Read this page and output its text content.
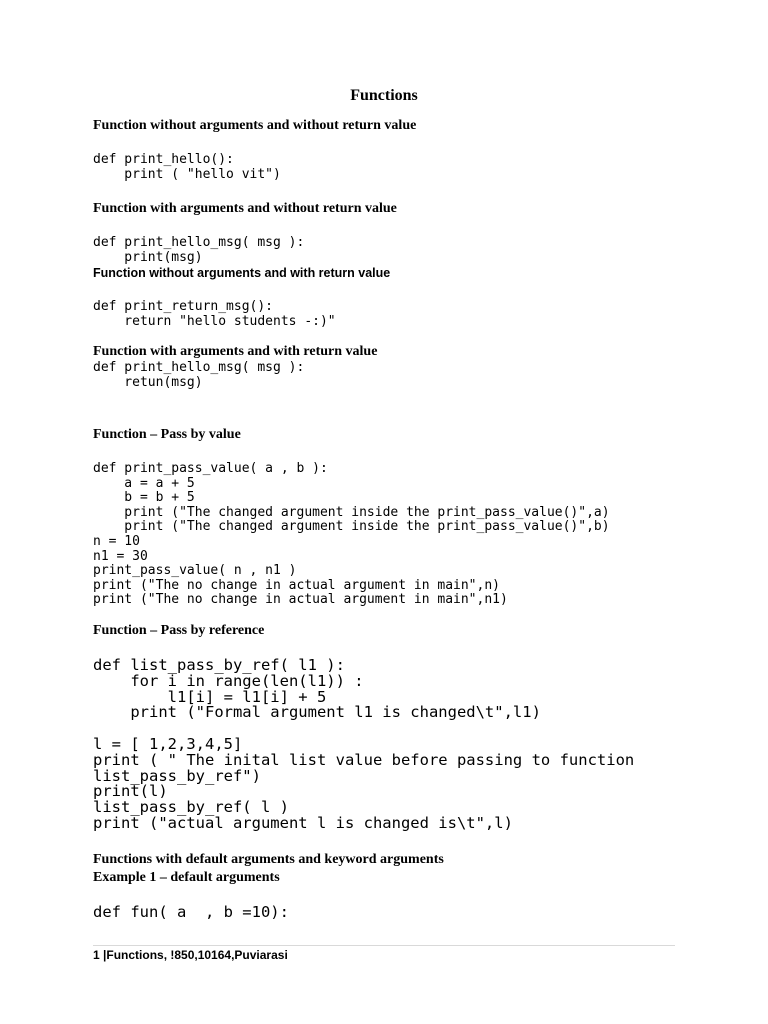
Functions
Function without arguments and without return value
def print_hello():
print ( "hello vit")
Function with arguments and without return value
def print_hello_msg( msg ):
print(msg)
Function without arguments and with return value
def print_return_msg():
return "hello students -:)"
Function with arguments and with return value
def print_hello_msg( msg ):
retun(msg)
Function – Pass by value
def print_pass_value( a , b ):
a = a + 5
b = b + 5
print ("The changed argument inside the print_pass_value()",a)
print ("The changed argument inside the print_pass_value()",b)
n = 10
n1 = 30
print_pass_value( n , n1 )
print ("The no change in actual argument in main",n)
print ("The no change in actual argument in main",n1)
Function – Pass by reference
def list_pass_by_ref( l1 ):
for i in range(len(l1)) :
l1[i] = l1[i] + 5
print ("Formal argument l1 is changed\t",l1)
l = [ 1,2,3,4,5]
print ( " The inital list value before passing to function
list_pass_by_ref")
print(l)
list_pass_by_ref( l )
print ("actual argument l is changed is\t",l)
Functions with default arguments and keyword arguments
Example 1 – default arguments
def fun( a  , b =10):
1 |Functions, !850,10164,Puviarasi
